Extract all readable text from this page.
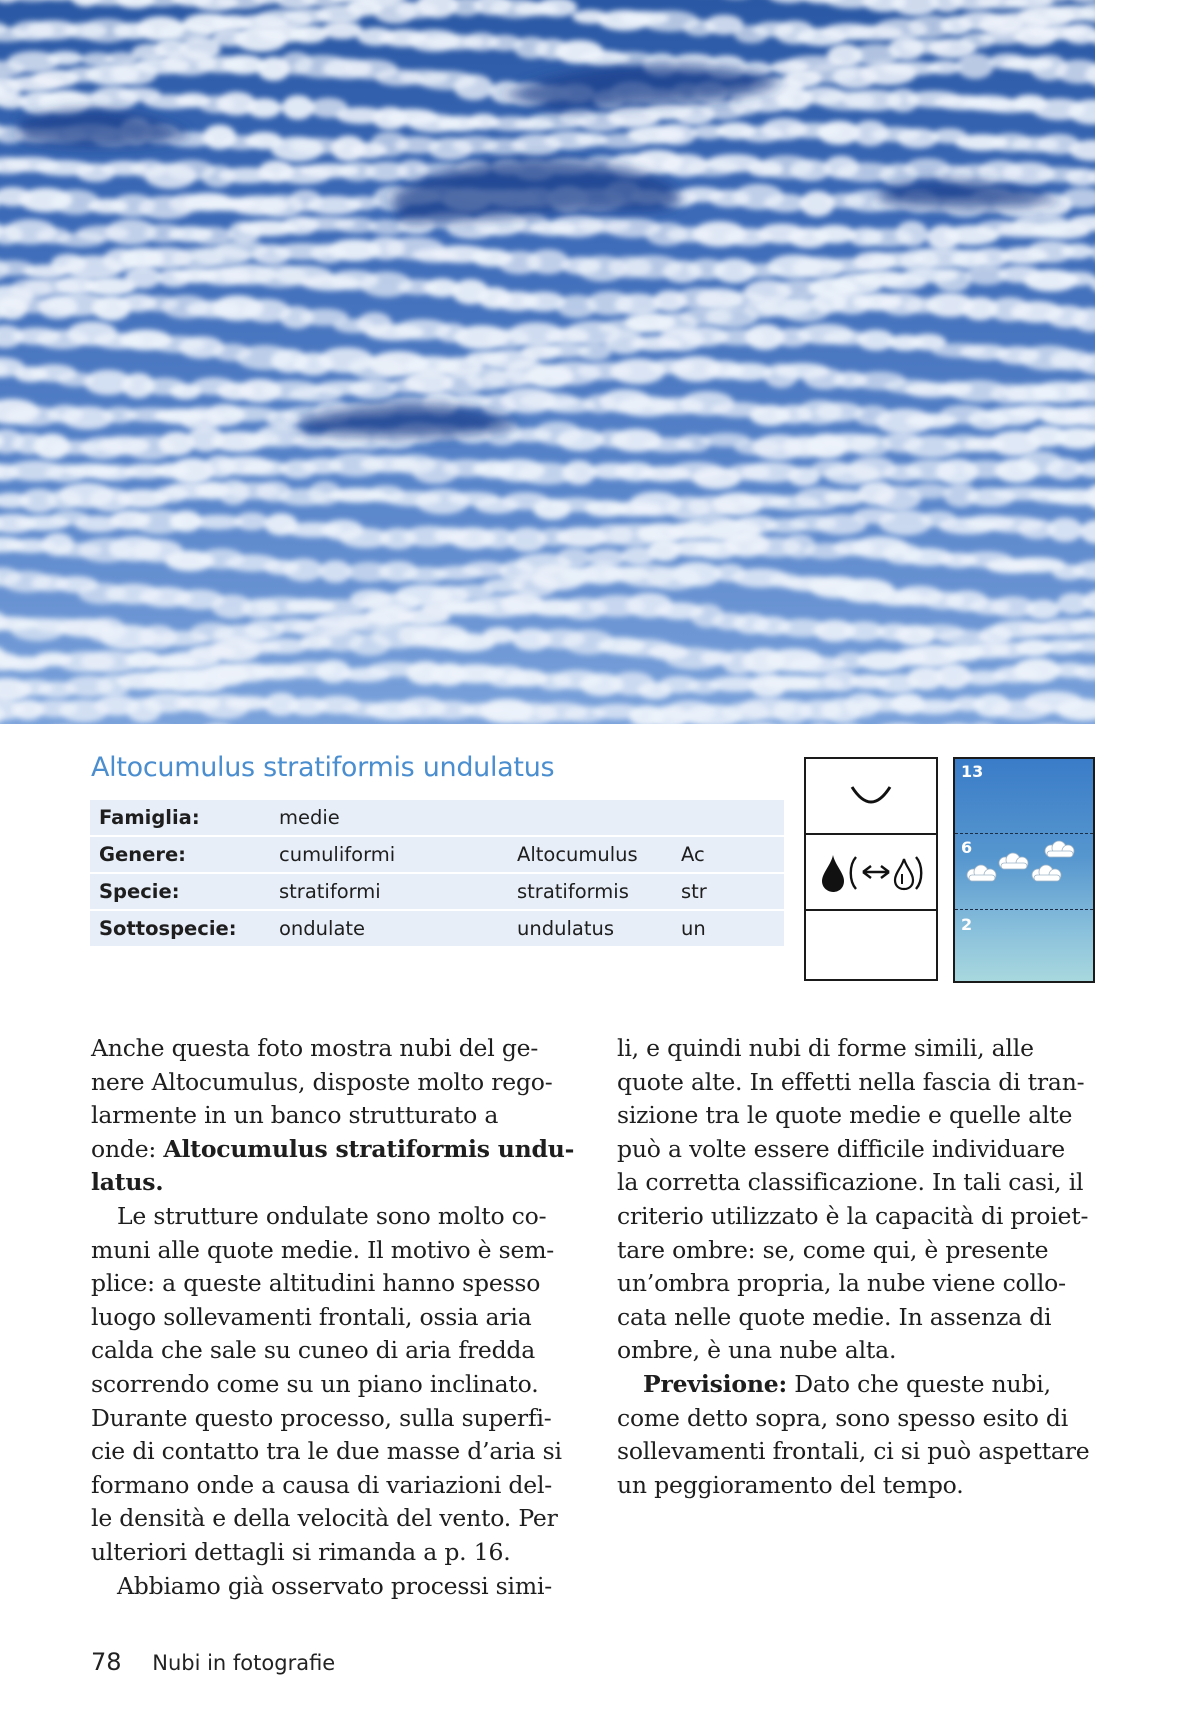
Altocumulus stratiformis undulatus
Famiglia:	medie		
Genere:	cumuliformi	Altocumulus	Ac
Specie:	stratiformi	stratiformis	str
Sottospecie:	ondulate	undulatus	un
13
6
2
Anche questa foto mostra nubi del ge-
nere Altocumulus, disposte molto rego-
larmente in un banco strutturato a
onde: Altocumulus stratiformis undu-
latus.
Le strutture ondulate sono molto co-
muni alle quote medie. Il motivo è sem-
plice: a queste altitudini hanno spesso
luogo sollevamenti frontali, ossia aria
calda che sale su cuneo di aria fredda
scorrendo come su un piano inclinato.
Durante questo processo, sulla superfi-
cie di contatto tra le due masse d’aria si
formano onde a causa di variazioni del-
le densità e della velocità del vento. Per
ulteriori dettagli si rimanda a p. 16.
Abbiamo già osservato processi simi-
li, e quindi nubi di forme simili, alle
quote alte. In effetti nella fascia di tran-
sizione tra le quote medie e quelle alte
può a volte essere difficile individuare
la corretta classificazione. In tali casi, il
criterio utilizzato è la capacità di proiet-
tare ombre: se, come qui, è presente
un’ombra propria, la nube viene collo-
cata nelle quote medie. In assenza di
ombre, è una nube alta.
Previsione: Dato che queste nubi,
come detto sopra, sono spesso esito di
sollevamenti frontali, ci si può aspettare
un peggioramento del tempo.
78 Nubi in fotografie
